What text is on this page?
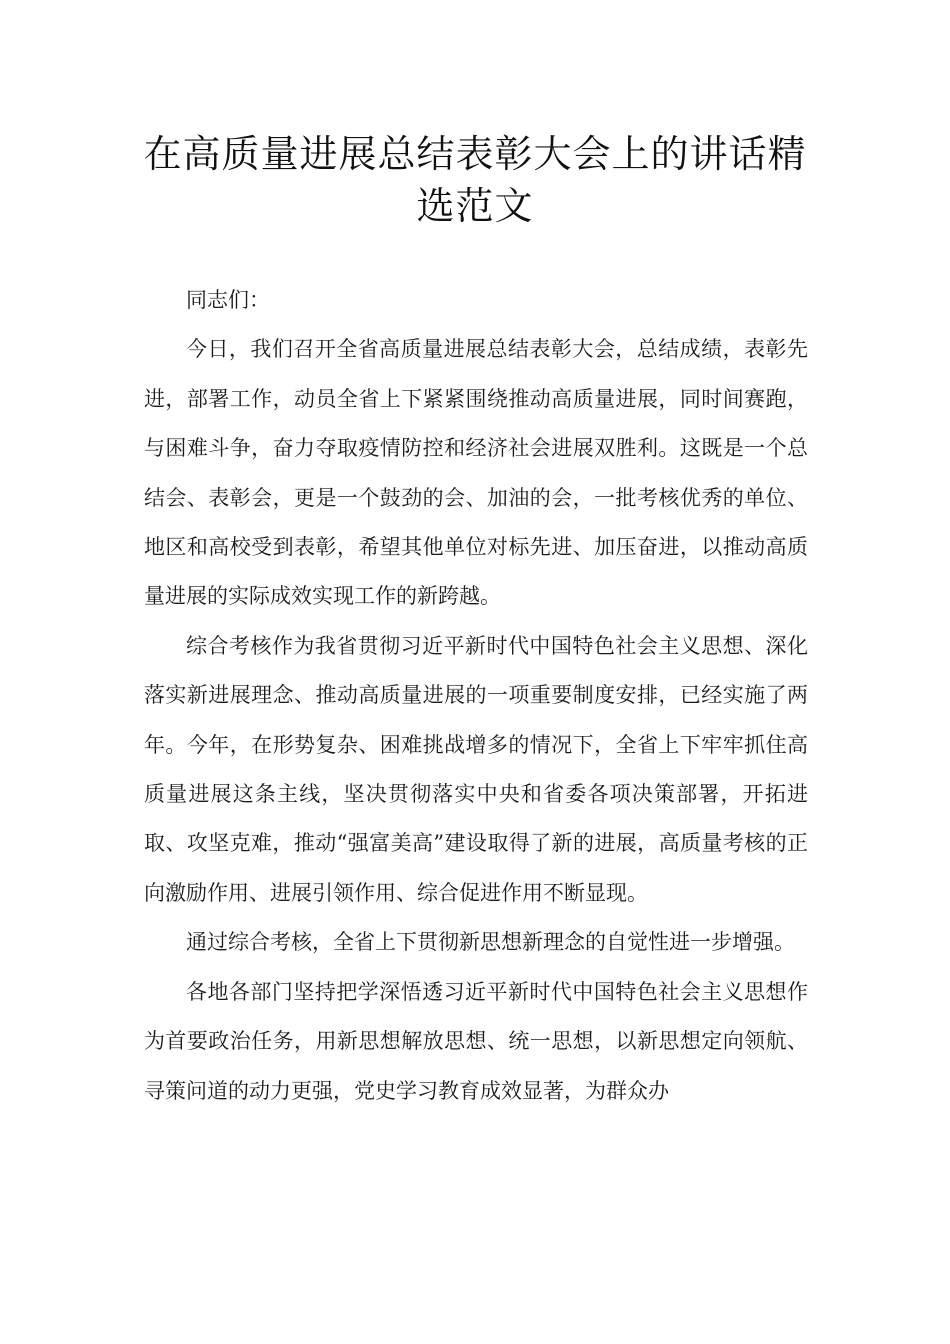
在高质量进展总结表彰大会上的讲话精选范文

同志们：

今日，我们召开全省高质量进展总结表彰大会，总结成绩，表彰先进，部署工作，动员全省上下紧紧围绕推动高质量进展，同时间赛跑，与困难斗争，奋力夺取疫情防控和经济社会进展双胜利。这既是一个总结会、表彰会，更是一个鼓劲的会、加油的会，一批考核优秀的单位、地区和高校受到表彰，希望其他单位对标先进、加压奋进，以推动高质量进展的实际成效实现工作的新跨越。

综合考核作为我省贯彻习近平新时代中国特色社会主义思想、深化落实新进展理念、推动高质量进展的一项重要制度安排，已经实施了两年。今年，在形势复杂、困难挑战增多的情况下，全省上下牢牢抓住高质量进展这条主线，坚决贯彻落实中央和省委各项决策部署，开拓进取、攻坚克难，推动“强富美高”建设取得了新的进展，高质量考核的正向激励作用、进展引领作用、综合促进作用不断显现。

通过综合考核，全省上下贯彻新思想新理念的自觉性进一步增强。

各地各部门坚持把学深悟透习近平新时代中国特色社会主义思想作为首要政治任务，用新思想解放思想、统一思想，以新思想定向领航、寻策问道的动力更强，党史学习教育成效显著，为群众办
